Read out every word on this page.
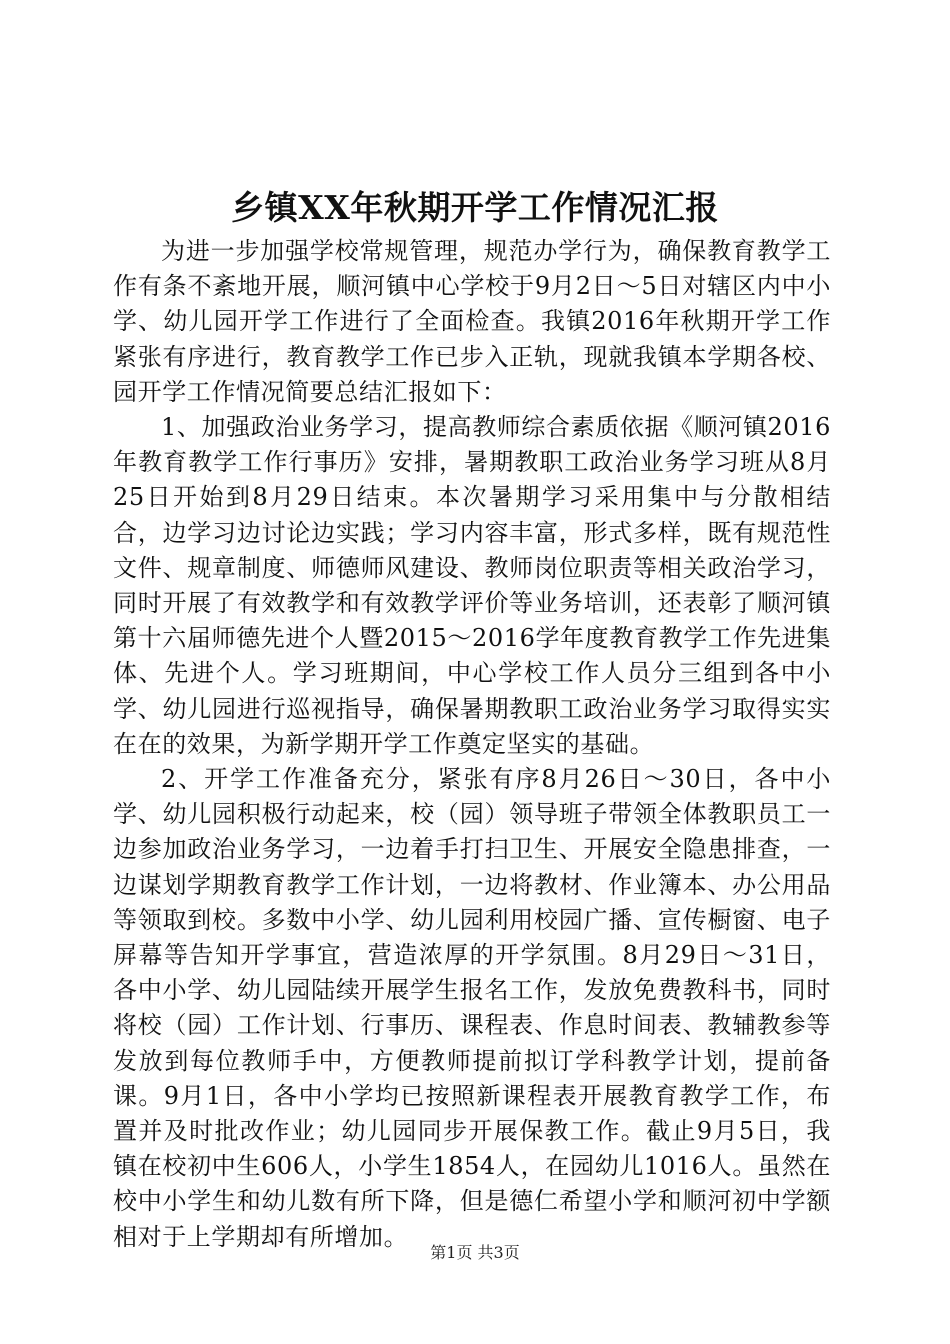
乡镇XX年秋期开学工作情况汇报

为进一步加强学校常规管理，规范办学行为，确保教育教学工作有条不紊地开展，顺河镇中心学校于9月2日～5日对辖区内中小学、幼儿园开学工作进行了全面检查。我镇2016年秋期开学工作紧张有序进行，教育教学工作已步入正轨，现就我镇本学期各校、园开学工作情况简要总结汇报如下：

1、加强政治业务学习，提高教师综合素质依据《顺河镇2016年教育教学工作行事历》安排，暑期教职工政治业务学习班从8月25日开始到8月29日结束。本次暑期学习采用集中与分散相结合，边学习边讨论边实践；学习内容丰富，形式多样，既有规范性文件、规章制度、师德师风建设、教师岗位职责等相关政治学习，同时开展了有效教学和有效教学评价等业务培训，还表彰了顺河镇第十六届师德先进个人暨2015～2016学年度教育教学工作先进集体、先进个人。学习班期间，中心学校工作人员分三组到各中小学、幼儿园进行巡视指导，确保暑期教职工政治业务学习取得实实在在的效果，为新学期开学工作奠定坚实的基础。

2、开学工作准备充分，紧张有序8月26日～30日，各中小学、幼儿园积极行动起来，校（园）领导班子带领全体教职员工一边参加政治业务学习，一边着手打扫卫生、开展安全隐患排查，一边谋划学期教育教学工作计划，一边将教材、作业簿本、办公用品等领取到校。多数中小学、幼儿园利用校园广播、宣传橱窗、电子屏幕等告知开学事宜，营造浓厚的开学氛围。8月29日～31日，各中小学、幼儿园陆续开展学生报名工作，发放免费教科书，同时将校（园）工作计划、行事历、课程表、作息时间表、教辅教参等发放到每位教师手中，方便教师提前拟订学科教学计划，提前备课。9月1日，各中小学均已按照新课程表开展教育教学工作，布置并及时批改作业；幼儿园同步开展保教工作。截止9月5日，我镇在校初中生606人，小学生1854人，在园幼儿1016人。虽然在校中小学生和幼儿数有所下降，但是德仁希望小学和顺河初中学额相对于上学期却有所增加。

第1页 共3页
